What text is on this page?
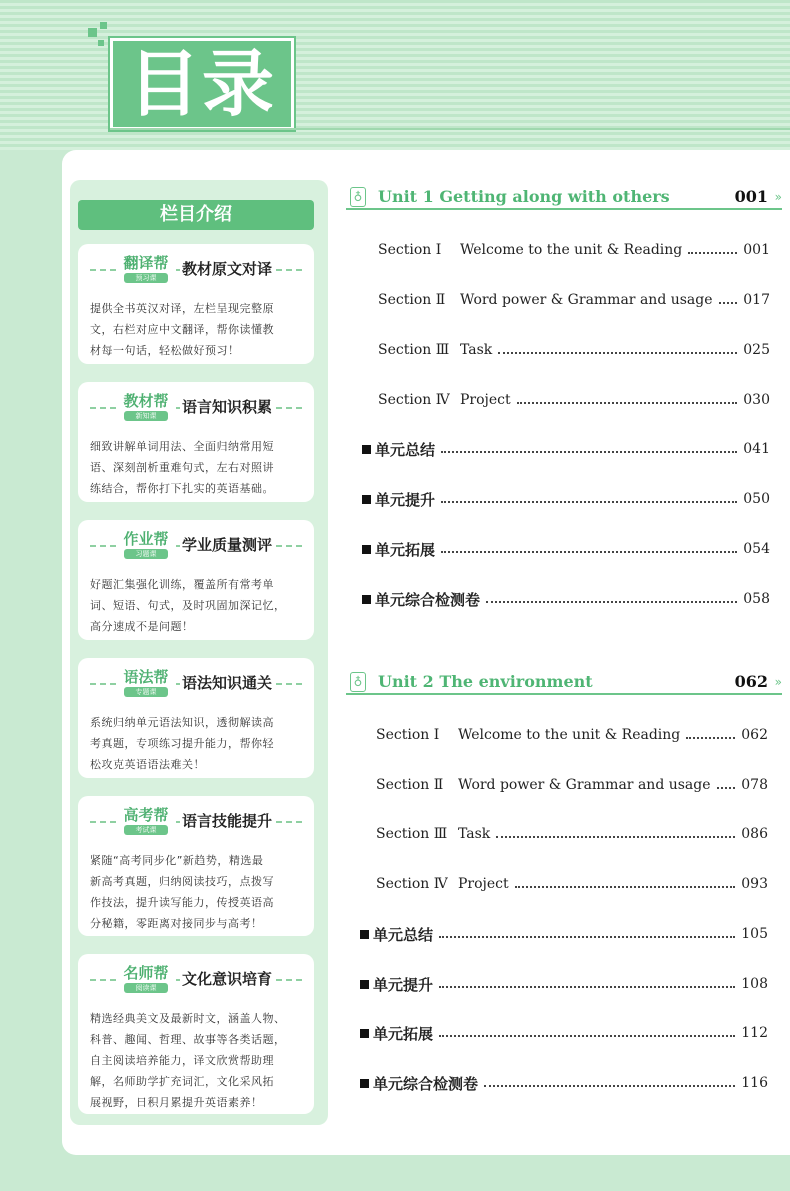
目录
栏目介绍
翻译帮
预习课	教材原文对译
提供全书英汉对译，左栏呈现完整原
文，右栏对应中文翻译，帮你读懂教
材每一句话，轻松做好预习！
教材帮
新知课	语言知识积累
细致讲解单词用法、全面归纳常用短
语、深刻剖析重难句式，左右对照讲
练结合，帮你打下扎实的英语基础。
作业帮
习题课	学业质量测评
好题汇集强化训练，覆盖所有常考单
词、短语、句式，及时巩固加深记忆，
高分速成不是问题！
语法帮
专题课	语法知识通关
系统归纳单元语法知识，透彻解读高
考真题，专项练习提升能力，帮你轻
松攻克英语语法难关！
高考帮
考试课	语言技能提升
紧随“高考同步化”新趋势，精选最
新高考真题，归纳阅读技巧，点拨写
作技法，提升读写能力，传授英语高
分秘籍，零距离对接同步与高考！
名师帮
阅读课	文化意识培育
精选经典美文及最新时文，涵盖人物、
科普、趣闻、哲理、故事等各类话题，
自主阅读培养能力，译文欣赏帮助理
解，名师助学扩充词汇，文化采风拓
展视野，日积月累提升英语素养！
♁ Unit 1 Getting along with others	001 »
Section Ⅰ	Welcome to the unit & Reading	001
Section Ⅱ	Word power & Grammar and usage 017
Section Ⅲ Task	025
Section Ⅳ Project	030
单元总结	041
单元提升	050
单元拓展	054
单元综合检测卷	058
♁ Unit 2 The environment	062 »
Section Ⅰ	Welcome to the unit & Reading	062
Section Ⅱ	Word power & Grammar and usage 078
Section Ⅲ Task	086
Section Ⅳ Project	093
单元总结	105
单元提升	108
单元拓展	112
单元综合检测卷	116
